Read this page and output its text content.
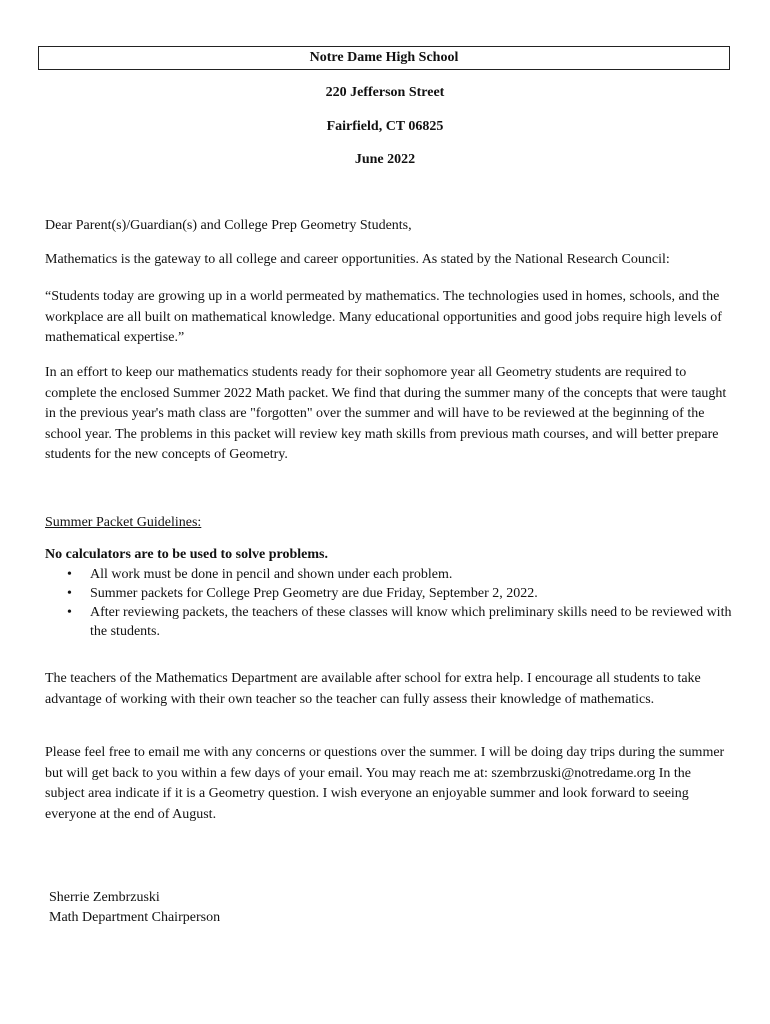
Notre Dame High School
220 Jefferson Street
Fairfield, CT 06825
June 2022

Dear Parent(s)/Guardian(s) and College Prep Geometry Students,

Mathematics is the gateway to all college and career opportunities. As stated by the National Research Council:

“Students today are growing up in a world permeated by mathematics. The technologies used in homes, schools, and the workplace are all built on mathematical knowledge. Many educational opportunities and good jobs require high levels of mathematical expertise.”

In an effort to keep our mathematics students ready for their sophomore year all Geometry students are required to complete the enclosed Summer 2022 Math packet. We find that during the summer many of the concepts that were taught in the previous year's math class are "forgotten" over the summer and will have to be reviewed at the beginning of the school year. The problems in this packet will review key math skills from previous math courses, and will better prepare students for the new concepts of Geometry.

Summer Packet Guidelines:

No calculators are to be used to solve problems.

• All work must be done in pencil and shown under each problem.
• Summer packets for College Prep Geometry are due Friday, September 2, 2022.
• After reviewing packets, the teachers of these classes will know which preliminary skills need to be reviewed with the students.

The teachers of the Mathematics Department are available after school for extra help. I encourage all students to take advantage of working with their own teacher so the teacher can fully assess their knowledge of mathematics.

Please feel free to email me with any concerns or questions over the summer. I will be doing day trips during the summer but will get back to you within a few days of your email. You may reach me at: szembrzuski@notredame.org In the subject area indicate if it is a Geometry question. I wish everyone an enjoyable summer and look forward to seeing everyone at the end of August.

Sherrie Zembrzuski
Math Department Chairperson
